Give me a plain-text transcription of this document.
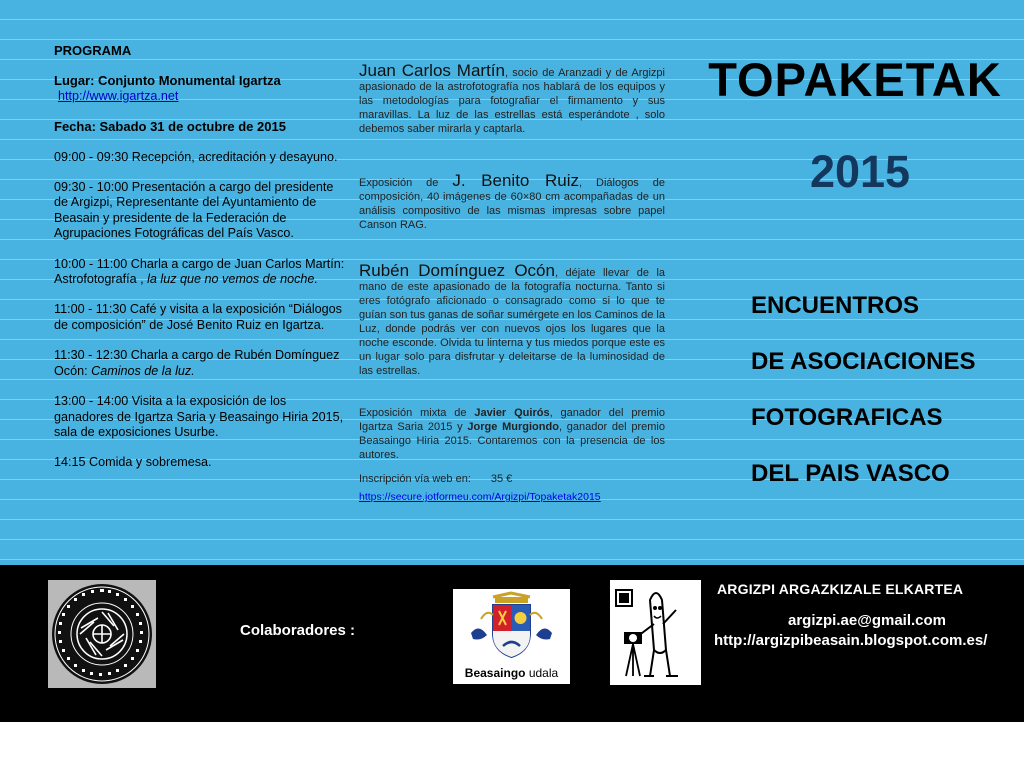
PROGRAMA
Lugar: Conjunto Monumental Igartza
http://www.igartza.net
Fecha: Sabado 31 de octubre de 2015
09:00 - 09:30 Recepción, acreditación y desayuno.
09:30 - 10:00 Presentación a cargo del presidente de Argizpi, Representante del Ayuntamiento de Beasain y presidente de la Federación de Agrupaciones Fotográficas del País Vasco.
10:00 - 11:00 Charla a cargo de Juan Carlos Martín: Astrofotografía , la luz que no vemos de noche.
11:00 - 11:30 Café y visita a la exposición “Diálogos de composición” de José Benito Ruiz en Igartza.
11:30 - 12:30 Charla a cargo de Rubén Domínguez Ocón: Caminos de la luz.
13:00 - 14:00 Visita a la exposición de los ganadores de Igartza Saria y Beasaingo Hiria 2015, sala de exposiciones Usurbe.
14:15 Comida y sobremesa.
Juan Carlos Martín, socio de Aranzadi y de Argizpi apasionado de la astrofotografía nos hablará de los equipos y las metodologías para fotografiar el firmamento y sus maravillas. La luz de las estrellas está esperándote , solo debemos saber mirarla y captarla.
Exposición de J. Benito Ruiz, Diálogos de composición, 40 imágenes de 60×80 cm acompañadas de un análisis compositivo de las mismas impresas sobre papel Canson RAG.
Rubén Domínguez Ocón, déjate llevar de la mano de este apasionado de la fotografía nocturna. Tanto si eres fotógrafo aficionado o consagrado como si lo que te guían son tus ganas de soñar sumérgete en los Caminos de la Luz, donde podrás ver con nuevos ojos los lugares que la noche esconde. Olvida tu linterna y tus miedos porque este es un lugar solo para disfrutar y deleitarse de la luminosidad de las estrellas.
Exposición mixta de Javier Quirós, ganador del premio Igartza Saria 2015 y Jorge Murgiondo, ganador del premio Beasaingo Hiria 2015. Contaremos con la presencia de los autores.
Inscripción vía web en: 35 €
https://secure.jotformeu.com/Argizpi/Topaketak2015
TOPAKETAK
2015
ENCUENTROS
DE ASOCIACIONES
FOTOGRAFICAS
DEL PAIS VASCO
Colaboradores :
Beasaingo udala
ARGIZPI ARGAZKIZALE ELKARTEA
argizpi.ae@gmail.com
http://argizpibeasain.blogspot.com.es/
